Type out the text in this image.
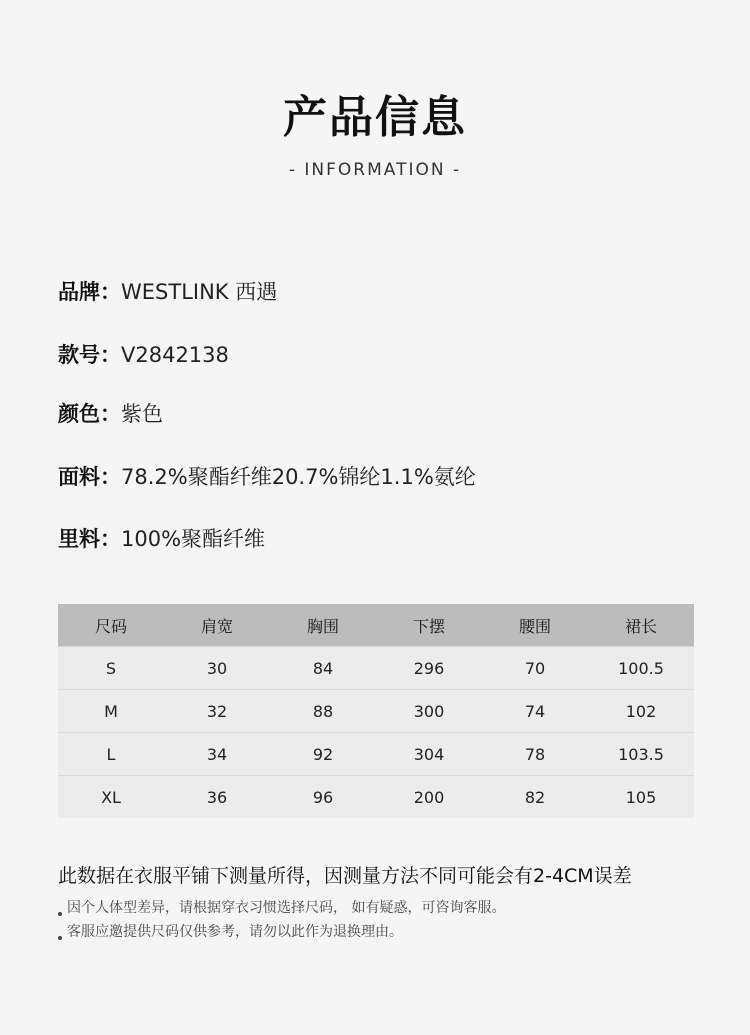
产品信息
- INFORMATION -
品牌：WESTLINK 西遇
款号：V2842138
颜色：紫色
面料：78.2%聚酯纤维20.7%锦纶1.1%氨纶
里料：100%聚酯纤维
尺码	肩宽	胸围	下摆	腰围	裙长
S	30	84	296	70	100.5
M	32	88	300	74	102
L	34	92	304	78	103.5
XL	36	96	200	82	105
此数据在衣服平铺下测量所得，因测量方法不同可能会有2-4CM误差
因个人体型差异，请根据穿衣习惯选择尺码， 如有疑惑，可咨询客服。
客服应邀提供尺码仅供参考，请勿以此作为退换理由。
